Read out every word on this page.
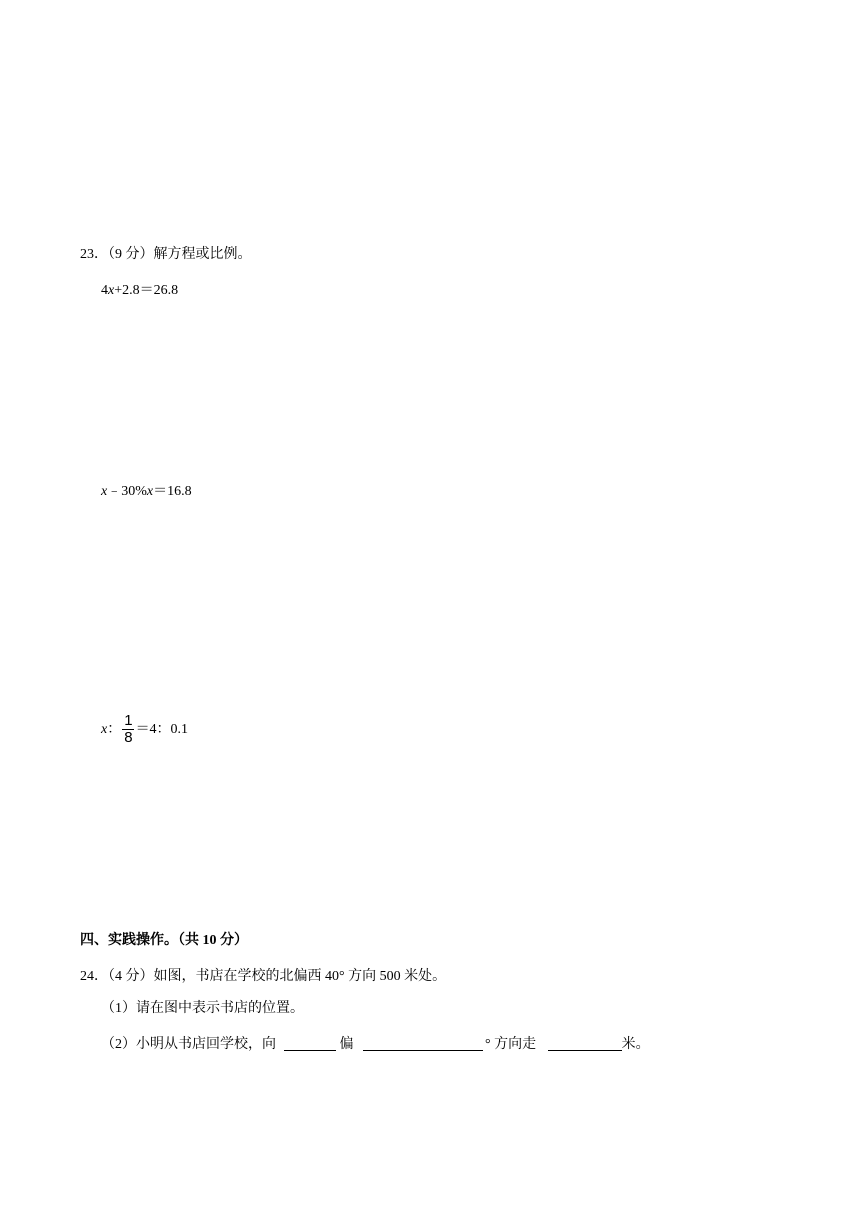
23．（9 分）解方程或比例。
4x+2.8＝26.8
x﹣30%x＝16.8
x ： $\frac{1}{8} =4$：0.1
四、实践操作。（共 10 分）
24．（4 分）如图，书店在学校的北偏西 40° 方向 500 米处。
（1）请在图中表示书店的位置。
（2）小明从书店回学校，向	偏	° 方向走	米。
